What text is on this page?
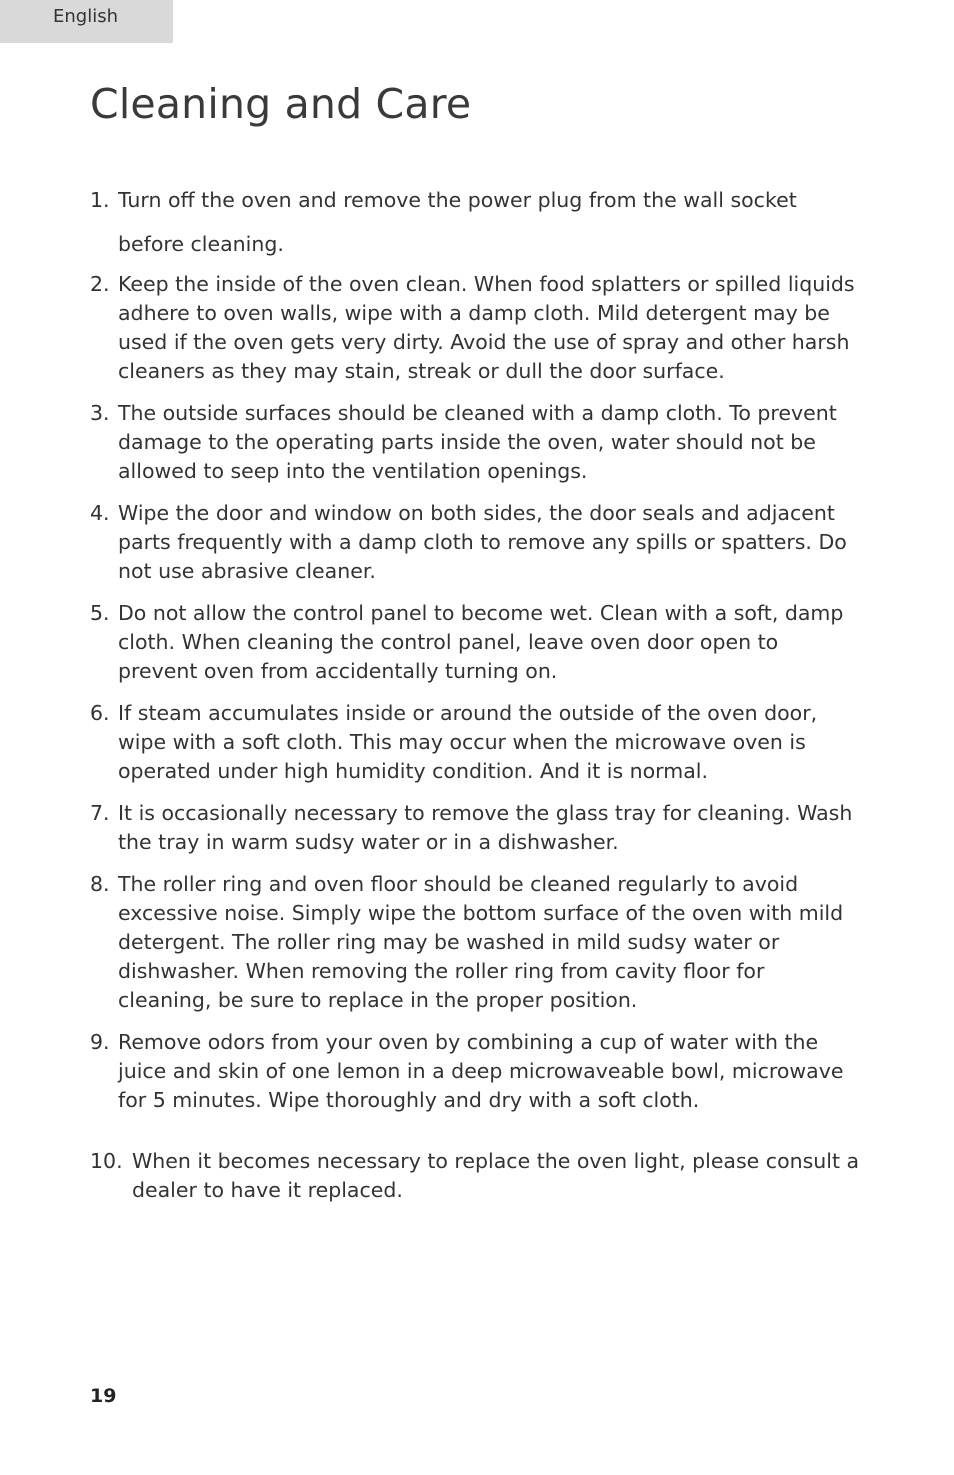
English
Cleaning and Care
1. Turn off the oven and remove the power plug from the wall socket before cleaning.
2. Keep the inside of the oven clean. When food splatters or spilled liquids adhere to oven walls, wipe with a damp cloth. Mild detergent may be used if the oven gets very dirty. Avoid the use of spray and other harsh cleaners as they may stain, streak or dull the door surface.
3. The outside surfaces should be cleaned with a damp cloth. To prevent damage to the operating parts inside the oven, water should not be allowed to seep into the ventilation openings.
4. Wipe the door and window on both sides, the door seals and adjacent parts frequently with a damp cloth to remove any spills or spatters. Do not use abrasive cleaner.
5. Do not allow the control panel to become wet. Clean with a soft, damp cloth. When cleaning the control panel, leave oven door open to prevent oven from accidentally turning on.
6. If steam accumulates inside or around the outside of the oven door, wipe with a soft cloth. This may occur when the microwave oven is operated under high humidity condition. And it is normal.
7. It is occasionally necessary to remove the glass tray for cleaning. Wash the tray in warm sudsy water or in a dishwasher.
8. The roller ring and oven floor should be cleaned regularly to avoid excessive noise. Simply wipe the bottom surface of the oven with mild detergent. The roller ring may be washed in mild sudsy water or dishwasher. When removing the roller ring from cavity floor for cleaning, be sure to replace in the proper position.
9. Remove odors from your oven by combining a cup of water with the juice and skin of one lemon in a deep microwaveable bowl, microwave for 5 minutes. Wipe thoroughly and dry with a soft cloth.
10. When it becomes necessary to replace the oven light, please consult a dealer to have it replaced.
19
